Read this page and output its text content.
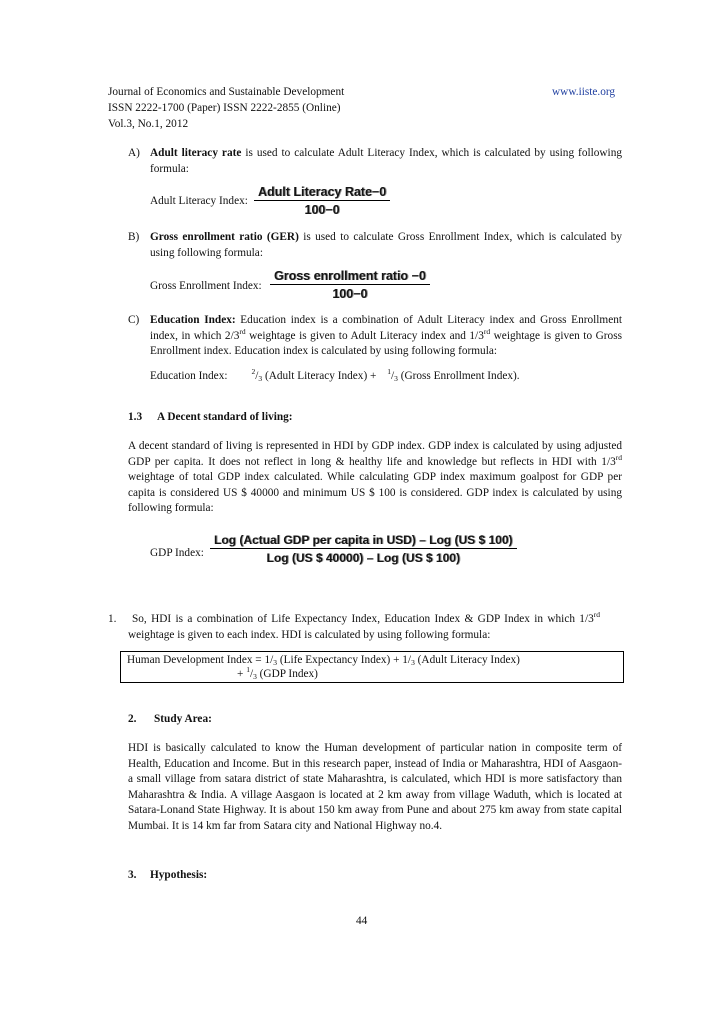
Journal of Economics and Sustainable Development	www.iiste.org
ISSN 2222-1700 (Paper) ISSN 2222-2855 (Online)
Vol.3, No.1, 2012
A) Adult literacy rate is used to calculate Adult Literacy Index, which is calculated by using following formula:
Adult Literacy Index:
Adult Literacy Rate−0
100−0
B) Gross enrollment ratio (GER) is used to calculate Gross Enrollment Index, which is calculated by using following formula:
Gross Enrollment Index:
Gross enrollment ratio −0
100−0
C) Education Index: Education index is a combination of Adult Literacy index and Gross Enrollment index, in which 2/3rd weightage is given to Adult Literacy index and 1/3rd weightage is given to Gross Enrollment index. Education index is calculated by using following formula:
Education Index:	$^2/_3$ (Adult Literacy Index) + $^1/_3$ (Gross Enrollment Index).
1.3 A Decent standard of living:
A decent standard of living is represented in HDI by GDP index. GDP index is calculated by using adjusted GDP per capita. It does not reflect in long & healthy life and knowledge but reflects in HDI with 1/3rd weightage of total GDP index calculated. While calculating GDP index maximum goalpost for GDP per capita is considered US $ 40000 and minimum US $ 100 is considered. GDP index is calculated by using following formula:
GDP Index:
Log (Actual GDP per capita in USD) – Log (US $ 100)
Log (US $ 40000) – Log (US $ 100)
1.	So, HDI is a combination of Life Expectancy Index, Education Index & GDP Index in which 1/3rd weightage is given to each index. HDI is calculated by using following formula:
Human Development Index = $1/_3$ (Life Expectancy Index) + $1/_3$ (Adult Literacy Index)
+ $^1/_3$ (GDP Index)
2. Study Area:
HDI is basically calculated to know the Human development of particular nation in composite term of Health, Education and Income. But in this research paper, instead of India or Maharashtra, HDI of Aasgaon- a small village from satara district of state Maharashtra, is calculated, which HDI is more satisfactory than Maharashtra & India. A village Aasgaon is located at 2 km away from village Waduth, which is located at Satara-Lonand State Highway. It is about 150 km away from Pune and about 275 km away from state capital Mumbai. It is 14 km far from Satara city and National Highway no.4.
3. Hypothesis:
44
